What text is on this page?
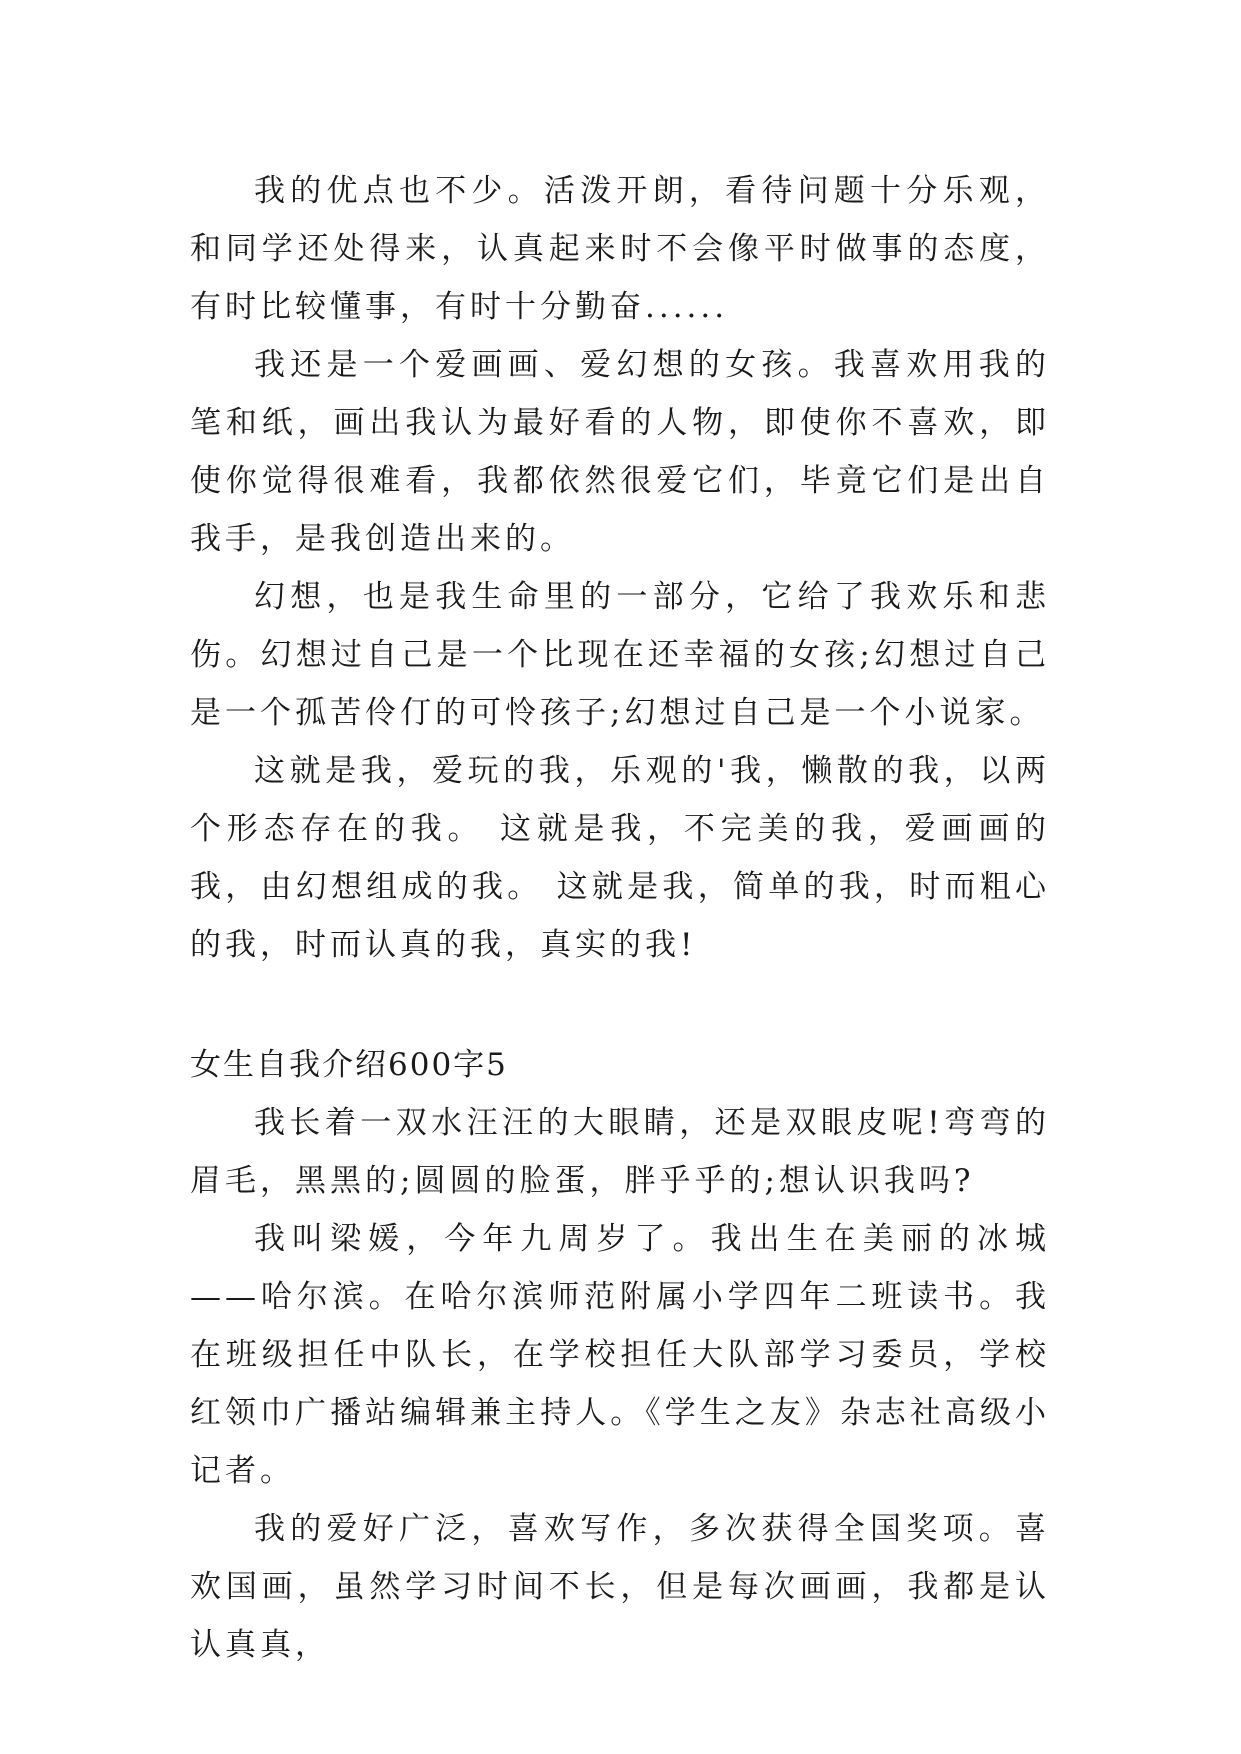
我的优点也不少。活泼开朗，看待问题十分乐观，和同学还处得来，认真起来时不会像平时做事的态度，有时比较懂事，有时十分勤奋......

我还是一个爱画画、爱幻想的女孩。我喜欢用我的笔和纸，画出我认为最好看的人物，即使你不喜欢，即使你觉得很难看，我都依然很爱它们，毕竟它们是出自我手，是我创造出来的。

幻想，也是我生命里的一部分，它给了我欢乐和悲伤。幻想过自己是一个比现在还幸福的女孩;幻想过自己是一个孤苦伶仃的可怜孩子;幻想过自己是一个小说家。

这就是我，爱玩的我，乐观的'我，懒散的我，以两个形态存在的我。 这就是我，不完美的我，爱画画的我，由幻想组成的我。 这就是我，简单的我，时而粗心的我，时而认真的我，真实的我!

女生自我介绍600字5

我长着一双水汪汪的大眼睛，还是双眼皮呢!弯弯的眉毛，黑黑的;圆圆的脸蛋，胖乎乎的;想认识我吗?

我叫梁媛，今年九周岁了。我出生在美丽的冰城——哈尔滨。在哈尔滨师范附属小学四年二班读书。我在班级担任中队长，在学校担任大队部学习委员，学校红领巾广播站编辑兼主持人。《学生之友》杂志社高级小记者。

我的爱好广泛，喜欢写作，多次获得全国奖项。喜欢国画，虽然学习时间不长，但是每次画画，我都是认认真真，
